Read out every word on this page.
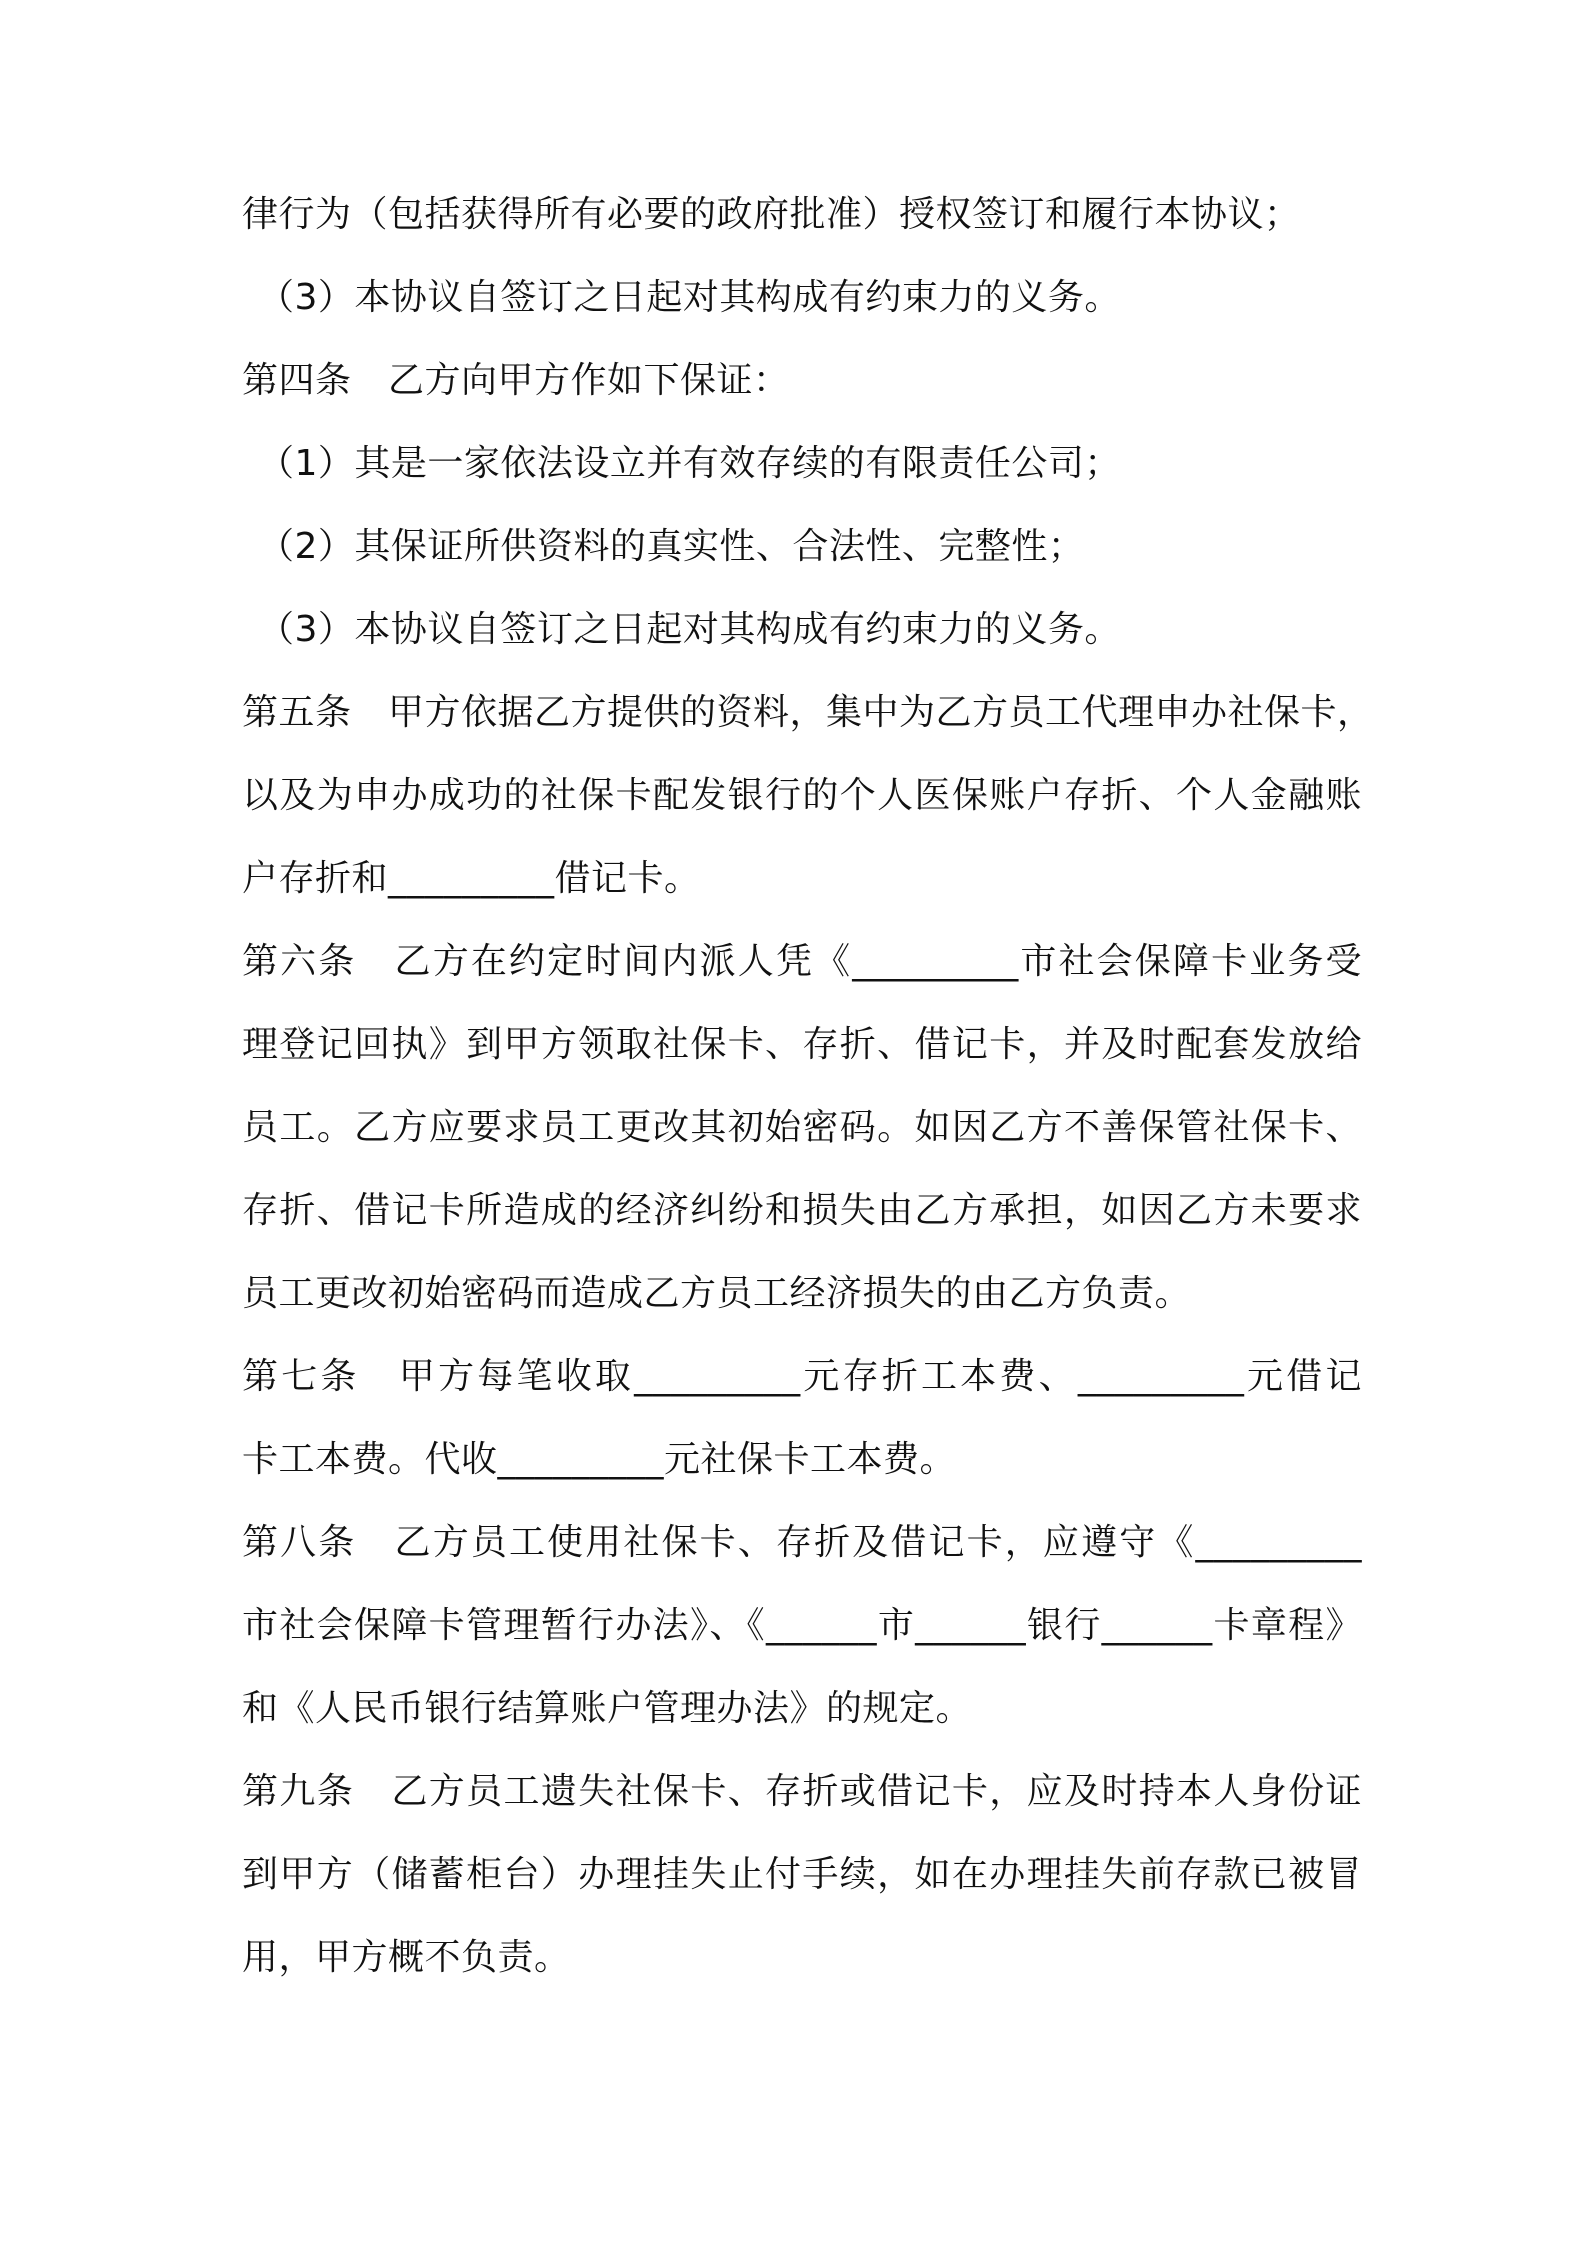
律行为（包括获得所有必要的政府批准）授权签订和履行本协议；
（3）本协议自签订之日起对其构成有约束力的义务。
第四条　乙方向甲方作如下保证：
（1）其是一家依法设立并有效存续的有限责任公司；
（2）其保证所供资料的真实性、合法性、完整性；
（3）本协议自签订之日起对其构成有约束力的义务。
第五条　甲方依据乙方提供的资料，集中为乙方员工代理申办社保卡，
以及为申办成功的社保卡配发银行的个人医保账户存折、个人金融账
户存折和_________借记卡。
第六条　乙方在约定时间内派人凭《_________市社会保障卡业务受
理登记回执》到甲方领取社保卡、存折、借记卡，并及时配套发放给
员工。乙方应要求员工更改其初始密码。如因乙方不善保管社保卡、
存折、借记卡所造成的经济纠纷和损失由乙方承担，如因乙方未要求
员工更改初始密码而造成乙方员工经济损失的由乙方负责。
第七条　甲方每笔收取_________元存折工本费、_________元借记
卡工本费。代收_________元社保卡工本费。
第八条　乙方员工使用社保卡、存折及借记卡，应遵守《_________
市社会保障卡管理暂行办法》、《______市______银行______卡章程》
和《人民币银行结算账户管理办法》的规定。
第九条　乙方员工遗失社保卡、存折或借记卡，应及时持本人身份证
到甲方（储蓄柜台）办理挂失止付手续，如在办理挂失前存款已被冒
用，甲方概不负责。
